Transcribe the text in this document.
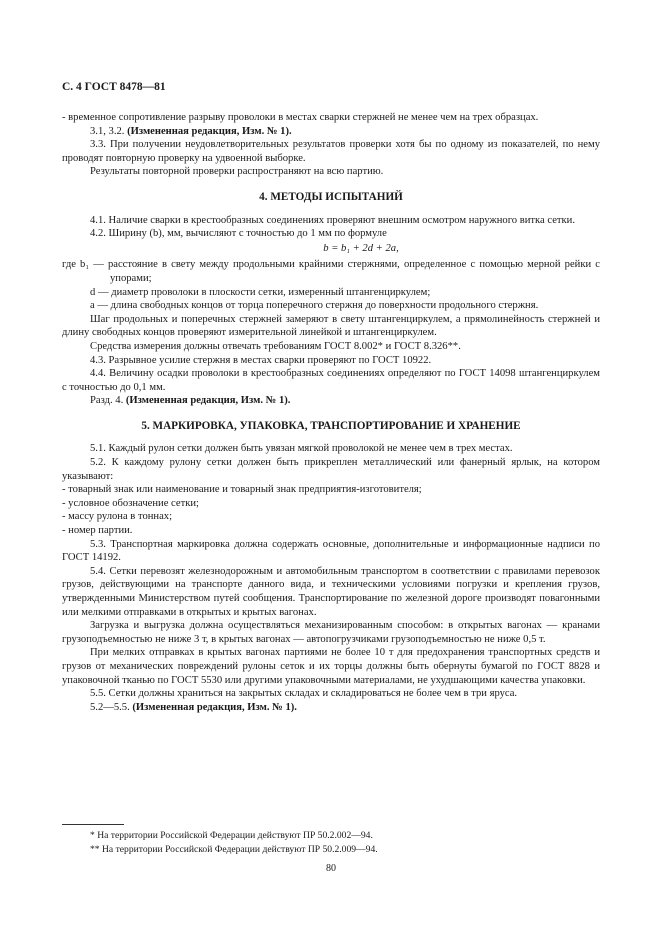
С. 4 ГОСТ 8478—81

- временное сопротивление разрыву проволоки в местах сварки стержней не менее чем на трех образцах.

3.1, 3.2. (Измененная редакция, Изм. № 1).

3.3. При получении неудовлетворительных результатов проверки хотя бы по одному из показателей, по нему проводят повторную проверку на удвоенной выборке.

Результаты повторной проверки распространяют на всю партию.

4. МЕТОДЫ ИСПЫТАНИЙ

4.1. Наличие сварки в крестообразных соединениях проверяют внешним осмотром наружного витка сетки.

4.2. Ширину (b), мм, вычисляют с точностью до 1 мм по формуле

b = b₁ + 2d + 2a,

где b₁ — расстояние в свету между продольными крайними стержнями, определенное с помощью мерной рейки с упорами;

d — диаметр проволоки в плоскости сетки, измеренный штангенциркулем;

a — длина свободных концов от торца поперечного стержня до поверхности продольного стержня.

Шаг продольных и поперечных стержней замеряют в свету штангенциркулем, а прямолинейность стержней и длину свободных концов проверяют измерительной линейкой и штангенциркулем.

Средства измерения должны отвечать требованиям ГОСТ 8.002* и ГОСТ 8.326**.

4.3. Разрывное усилие стержня в местах сварки проверяют по ГОСТ 10922.

4.4. Величину осадки проволоки в крестообразных соединениях определяют по ГОСТ 14098 штангенциркулем с точностью до 0,1 мм.

Разд. 4. (Измененная редакция, Изм. № 1).

5. МАРКИРОВКА, УПАКОВКА, ТРАНСПОРТИРОВАНИЕ И ХРАНЕНИЕ

5.1. Каждый рулон сетки должен быть увязан мягкой проволокой не менее чем в трех местах.

5.2. К каждому рулону сетки должен быть прикреплен металлический или фанерный ярлык, на котором указывают:

- товарный знак или наименование и товарный знак предприятия-изготовителя;

- условное обозначение сетки;

- массу рулона в тоннах;

- номер партии.

5.3. Транспортная маркировка должна содержать основные, дополнительные и информационные надписи по ГОСТ 14192.

5.4. Сетки перевозят железнодорожным и автомобильным транспортом в соответствии с правилами перевозок грузов, действующими на транспорте данного вида, и техническими условиями погрузки и крепления грузов, утвержденными Министерством путей сообщения. Транспортирование по железной дороге производят повагонными или мелкими отправками в открытых и крытых вагонах.

Загрузка и выгрузка должна осуществляться механизированным способом: в открытых вагонах — кранами грузоподъемностью не ниже 3 т, в крытых вагонах — автопогрузчиками грузоподъемностью не ниже 0,5 т.

При мелких отправках в крытых вагонах партиями не более 10 т для предохранения транспортных средств и грузов от механических повреждений рулоны сеток и их торцы должны быть обернуты бумагой по ГОСТ 8828 и упаковочной тканью по ГОСТ 5530 или другими упаковочными материалами, не ухудшающими качества упаковки.

5.5. Сетки должны храниться на закрытых складах и складироваться не более чем в три яруса.

5.2—5.5. (Измененная редакция, Изм. № 1).

* На территории Российской Федерации действуют ПР 50.2.002—94.
** На территории Российской Федерации действуют ПР 50.2.009—94.
80
